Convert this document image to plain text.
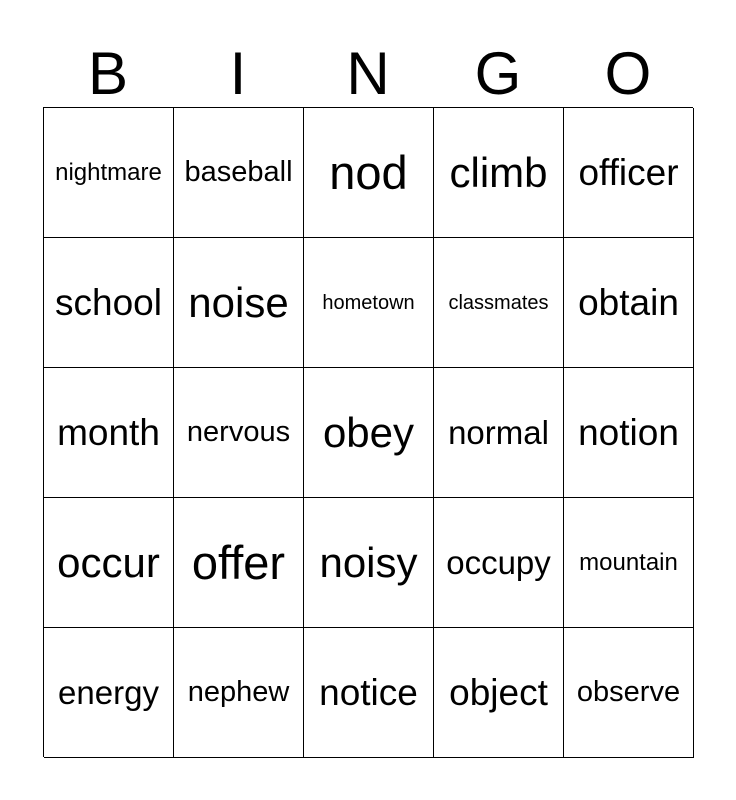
B	I	N	G	O
nightmare baseball nod climb officer
school noise hometown classmates obtain
month nervous obey normal notion
occur offer noisy occupy mountain
energy nephew notice object observe
